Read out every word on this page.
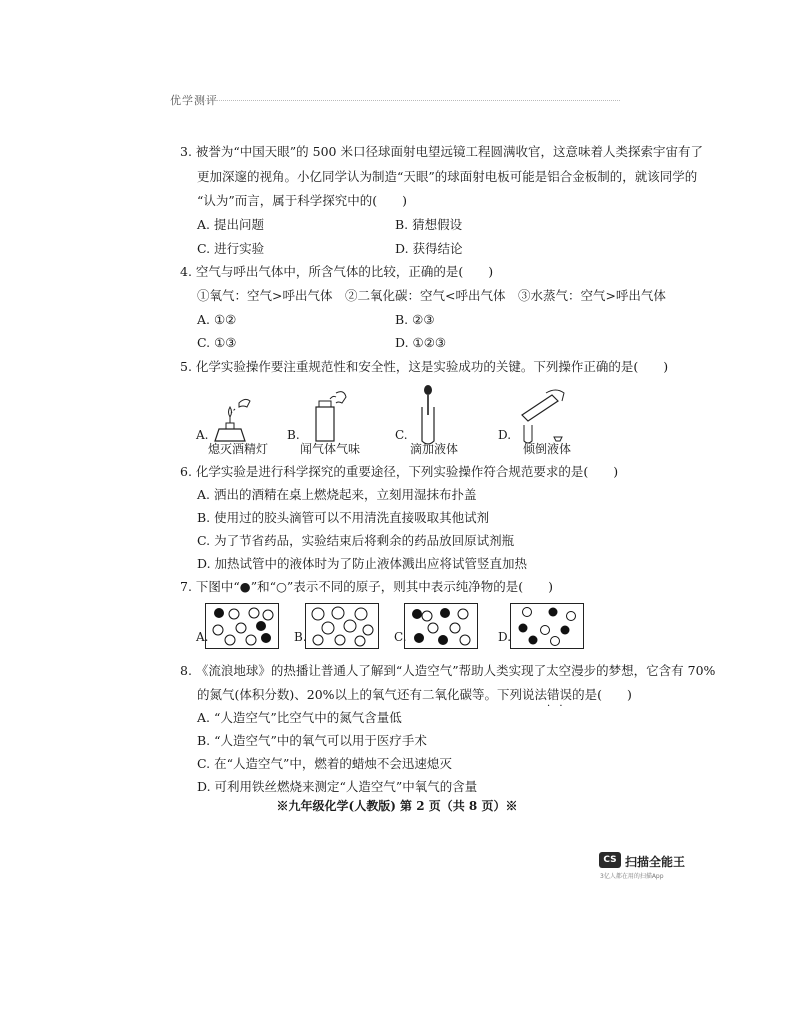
　优学测评
3. 被誉为“中国天眼”的 500 米口径球面射电望远镜工程圆满收官，这意味着人类探索宇宙有了
更加深邃的视角。小亿同学认为制造“天眼”的球面射电板可能是铝合金板制的，就该同学的
“认为”而言，属于科学探究中的(　　)
A. 提出问题	B. 猜想假设
C. 进行实验	D. 获得结论
4. 空气与呼出气体中，所含气体的比较，正确的是(　　)
①氧气：空气>呼出气体　②二氧化碳：空气<呼出气体　③水蒸气：空气>呼出气体
A. ①②	B. ②③
C. ①③	D. ①②③
5. 化学实验操作要注重规范性和安全性，这是实验成功的关键。下列操作正确的是(　　)
A.
熄灭酒精灯
B.
闻气体气味
C.
滴加液体
D.
倾倒液体
6. 化学实验是进行科学探究的重要途径，下列实验操作符合规范要求的是(　　)
A. 洒出的酒精在桌上燃烧起来，立刻用湿抹布扑盖
B. 使用过的胶头滴管可以不用清洗直接吸取其他试剂
C. 为了节省药品，实验结束后将剩余的药品放回原试剂瓶
D. 加热试管中的液体时为了防止液体溅出应将试管竖直加热
7. 下图中“●”和“○”表示不同的原子，则其中表示纯净物的是(　　)
A.	B.	C.	D.
8. 《流浪地球》的热播让普通人了解到“人造空气”帮助人类实现了太空漫步的梦想，它含有 70%
的氮气(体积分数)、20%以上的氧气还有二氧化碳等。下列说法错误 · ·的是(　　)
A. “人造空气”比空气中的氮气含量低
B. “人造空气”中的氧气可以用于医疗手术
C. 在“人造空气”中，燃着的蜡烛不会迅速熄灭
D. 可利用铁丝燃烧来测定“人造空气”中氧气的含量
※九年级化学(人教版) 第 2 页（共 8 页）※
CS 扫描全能王
3亿人都在用的扫描App
